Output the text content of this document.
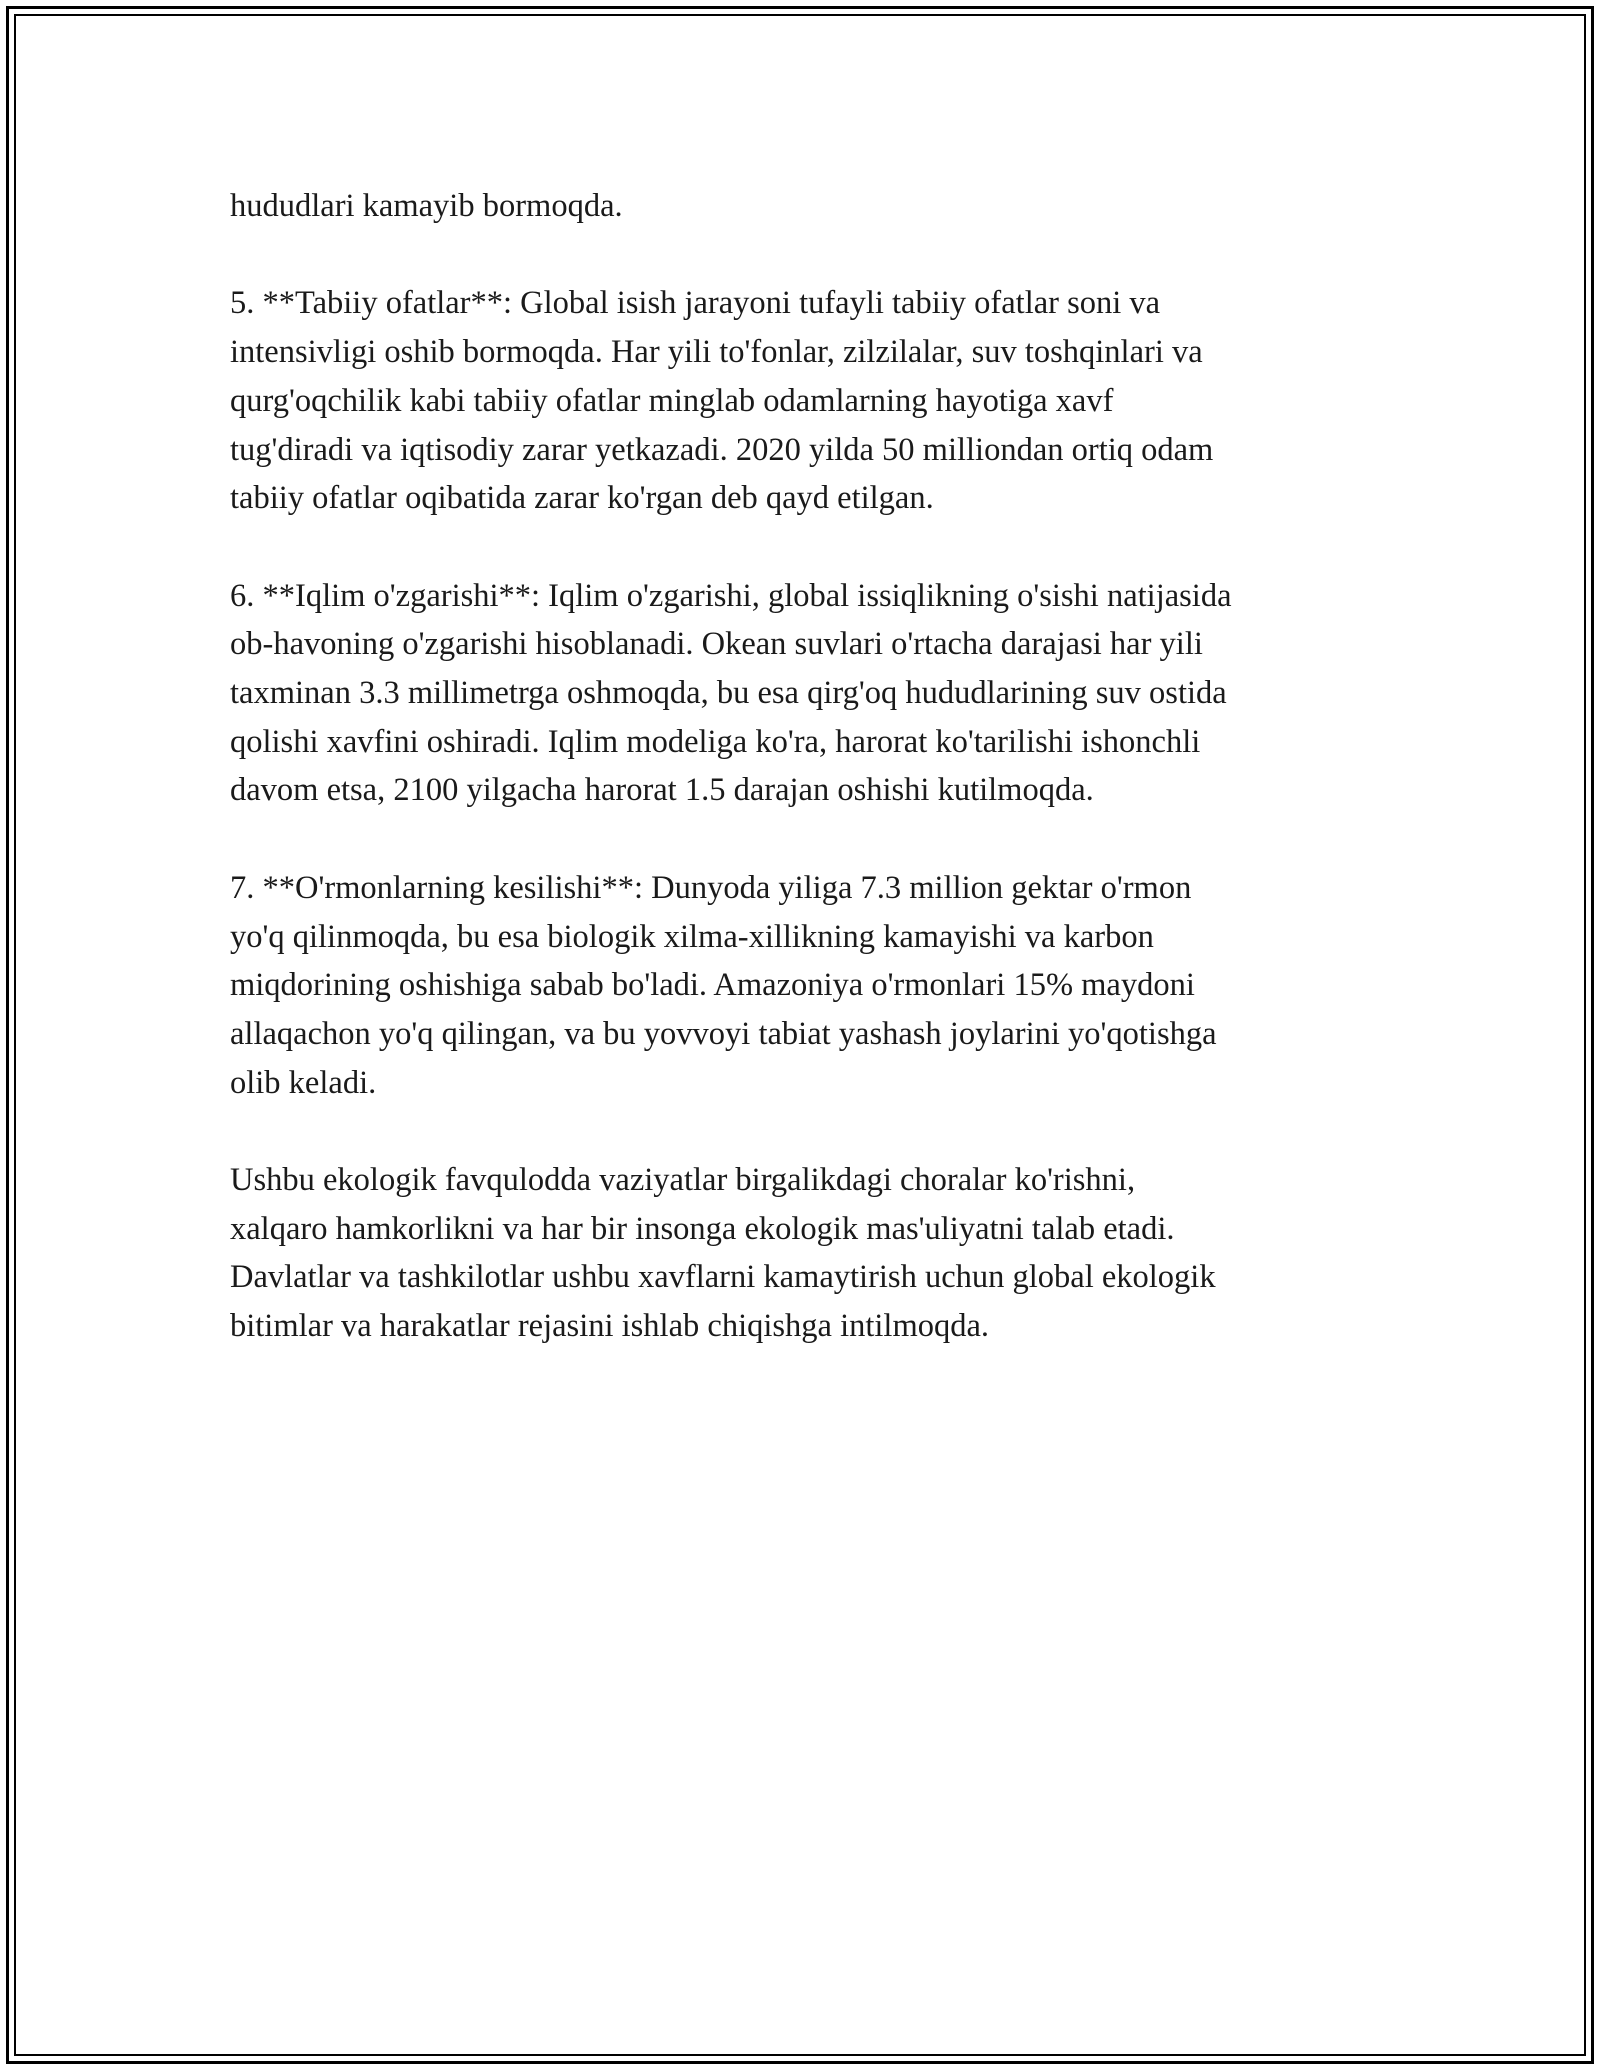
hududlari kamayib bormoqda.

5. **Tabiiy ofatlar**: Global isish jarayoni tufayli tabiiy ofatlar soni va
intensivligi oshib bormoqda. Har yili to'fonlar, zilzilalar, suv toshqinlari va
qurg'oqchilik kabi tabiiy ofatlar minglab odamlarning hayotiga xavf
tug'diradi va iqtisodiy zarar yetkazadi. 2020 yilda 50 milliondan ortiq odam
tabiiy ofatlar oqibatida zarar ko'rgan deb qayd etilgan.

6. **Iqlim o'zgarishi**: Iqlim o'zgarishi, global issiqlikning o'sishi natijasida
ob-havoning o'zgarishi hisoblanadi. Okean suvlari o'rtacha darajasi har yili
taxminan 3.3 millimetrga oshmoqda, bu esa qirg'oq hududlarining suv ostida
qolishi xavfini oshiradi. Iqlim modeliga ko'ra, harorat ko'tarilishi ishonchli
davom etsa, 2100 yilgacha harorat 1.5 darajan oshishi kutilmoqda.

7. **O'rmonlarning kesilishi**: Dunyoda yiliga 7.3 million gektar o'rmon
yo'q qilinmoqda, bu esa biologik xilma-xillikning kamayishi va karbon
miqdorining oshishiga sabab bo'ladi. Amazoniya o'rmonlari 15% maydoni
allaqachon yo'q qilingan, va bu yovvoyi tabiat yashash joylarini yo'qotishga
olib keladi.

Ushbu ekologik favqulodda vaziyatlar birgalikdagi choralar ko'rishni,
xalqaro hamkorlikni va har bir insonga ekologik mas'uliyatni talab etadi.
Davlatlar va tashkilotlar ushbu xavflarni kamaytirish uchun global ekologik
bitimlar va harakatlar rejasini ishlab chiqishga intilmoqda.
